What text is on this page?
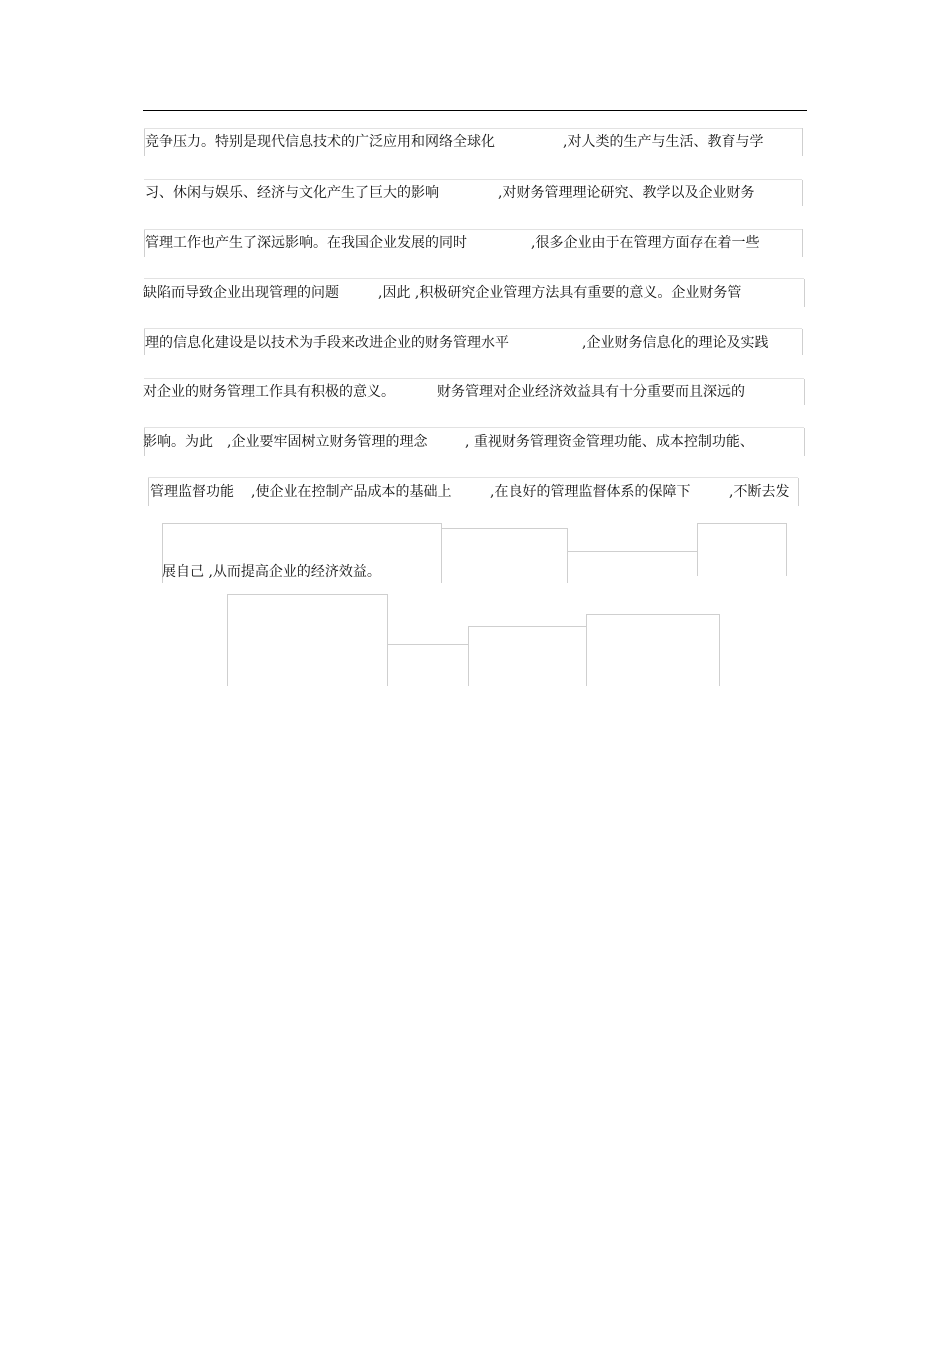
竞争压力。特别是现代信息技术的广泛应用和网络全球化	,对人类的生产与生活、教育与学
习、休闲与娱乐、经济与文化产生了巨大的影响	,对财务管理理论研究、教学以及企业财务
管理工作也产生了深远影响。在我国企业发展的同时	,很多企业由于在管理方面存在着一些
缺陷而导致企业出现管理的问题	,因此 ,积极研究企业管理方法具有重要的意义。企业财务管
理的信息化建设是以技术为手段来改进企业的财务管理水平	,企业财务信息化的理论及实践
对企业的财务管理工作具有积极的意义。	财务管理对企业经济效益具有十分重要而且深远的
影响。为此 ,企业要牢固树立财务管理的理念	, 重视财务管理资金管理功能、成本控制功能、
管理监督功能 ,使企业在控制产品成本的基础上	,在良好的管理监督体系的保障下	,不断去发
展自己 ,从而提高企业的经济效益。
